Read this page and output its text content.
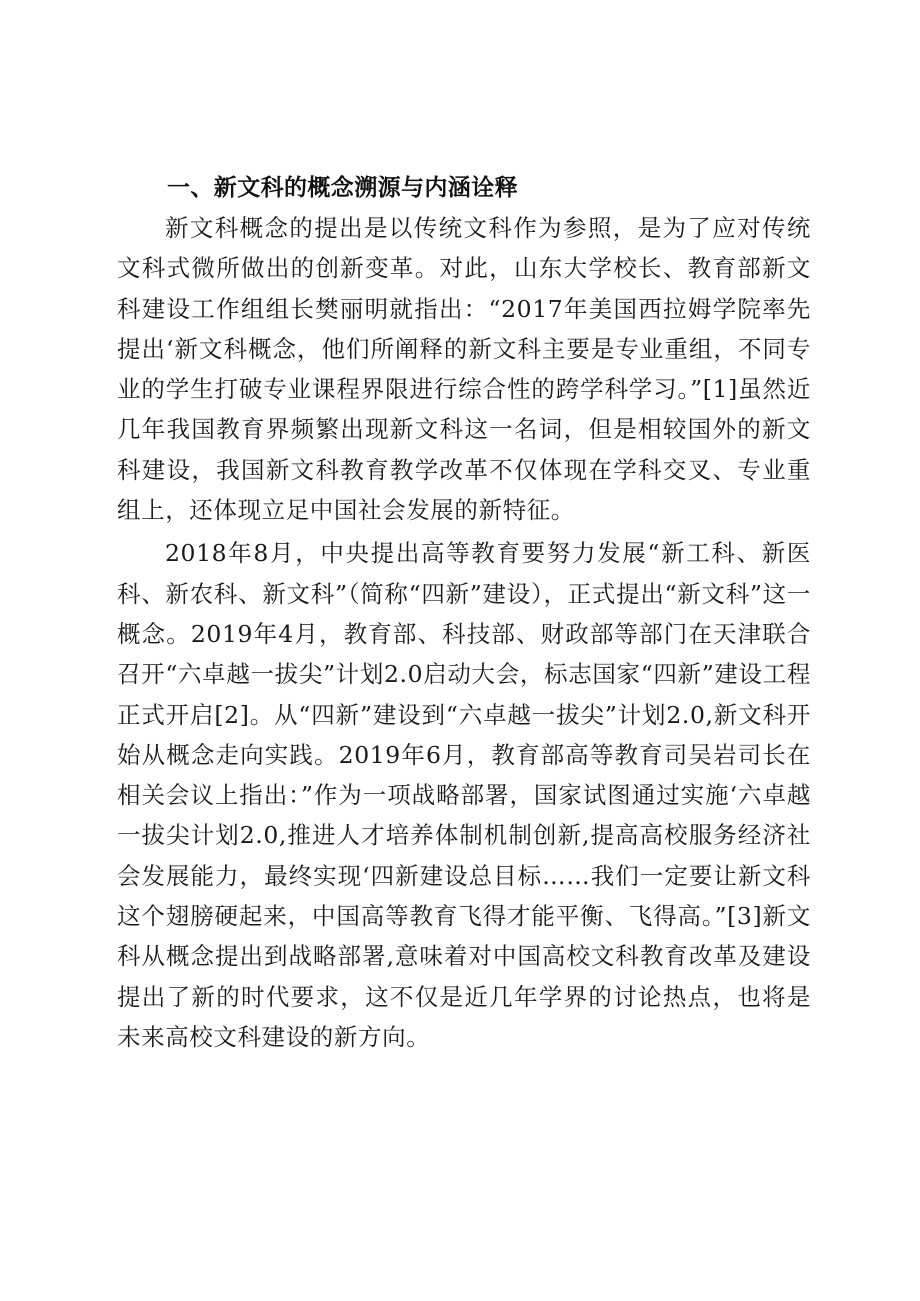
一、新文科的概念溯源与内涵诠释

新文科概念的提出是以传统文科作为参照，是为了应对传统文科式微所做出的创新变革。对此，山东大学校长、教育部新文科建设工作组组长樊丽明就指出：“2017年美国西拉姆学院率先提出‘新文科概念，他们所阐释的新文科主要是专业重组，不同专业的学生打破专业课程界限进行综合性的跨学科学习。”[1]虽然近几年我国教育界频繁出现新文科这一名词，但是相较国外的新文科建设，我国新文科教育教学改革不仅体现在学科交叉、专业重组上，还体现立足中国社会发展的新特征。

2018年8月，中央提出高等教育要努力发展“新工科、新医科、新农科、新文科”（简称“四新”建设），正式提出“新文科”这一概念。2019年4月，教育部、科技部、财政部等部门在天津联合召开“六卓越一拔尖”计划2.0启动大会，标志国家“四新”建设工程正式开启[2]。从“四新”建设到“六卓越一拔尖”计划2.0,新文科开始从概念走向实践。2019年6月，教育部高等教育司吴岩司长在相关会议上指出：”作为一项战略部署，国家试图通过实施‘六卓越一拔尖计划2.0,推进人才培养体制机制创新,提高高校服务经济社会发展能力，最终实现‘四新建设总目标……我们一定要让新文科这个翅膀硬起来，中国高等教育飞得才能平衡、飞得高。”[3]新文科从概念提出到战略部署,意味着对中国高校文科教育改革及建设提出了新的时代要求，这不仅是近几年学界的讨论热点，也将是未来高校文科建设的新方向。
